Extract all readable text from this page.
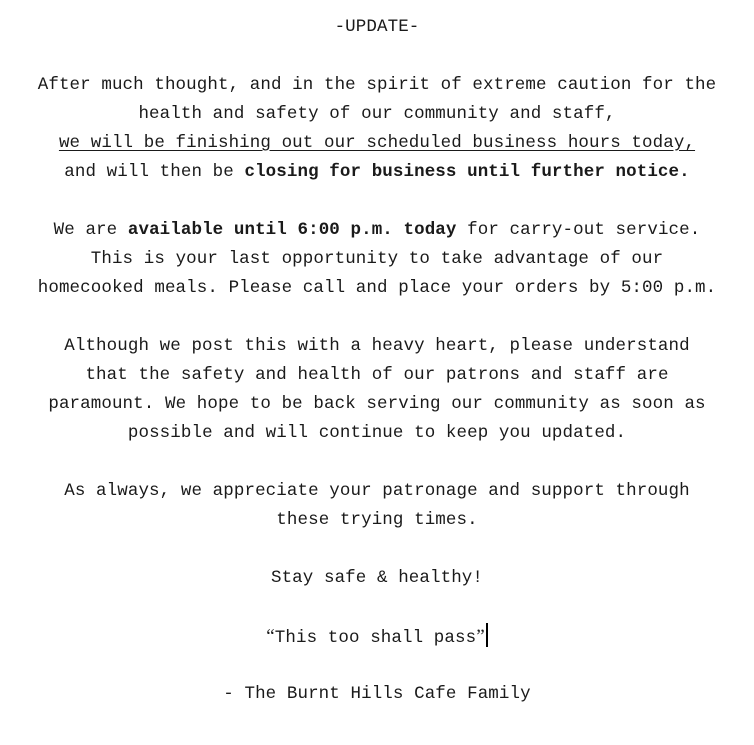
-UPDATE-
After much thought, and in the spirit of extreme caution for the
health and safety of our community and staff,
we will be finishing out our scheduled business hours today,
and will then be closing for business until further notice.
We are available until 6:00 p.m. today for carry-out service.
This is your last opportunity to take advantage of our
homecooked meals. Please call and place your orders by 5:00 p.m.
Although we post this with a heavy heart, please understand
that the safety and health of our patrons and staff are
paramount. We hope to be back serving our community as soon as
possible and will continue to keep you updated.
As always, we appreciate your patronage and support through
these trying times.
Stay safe & healthy!
“This too shall pass”
- The Burnt Hills Cafe Family
